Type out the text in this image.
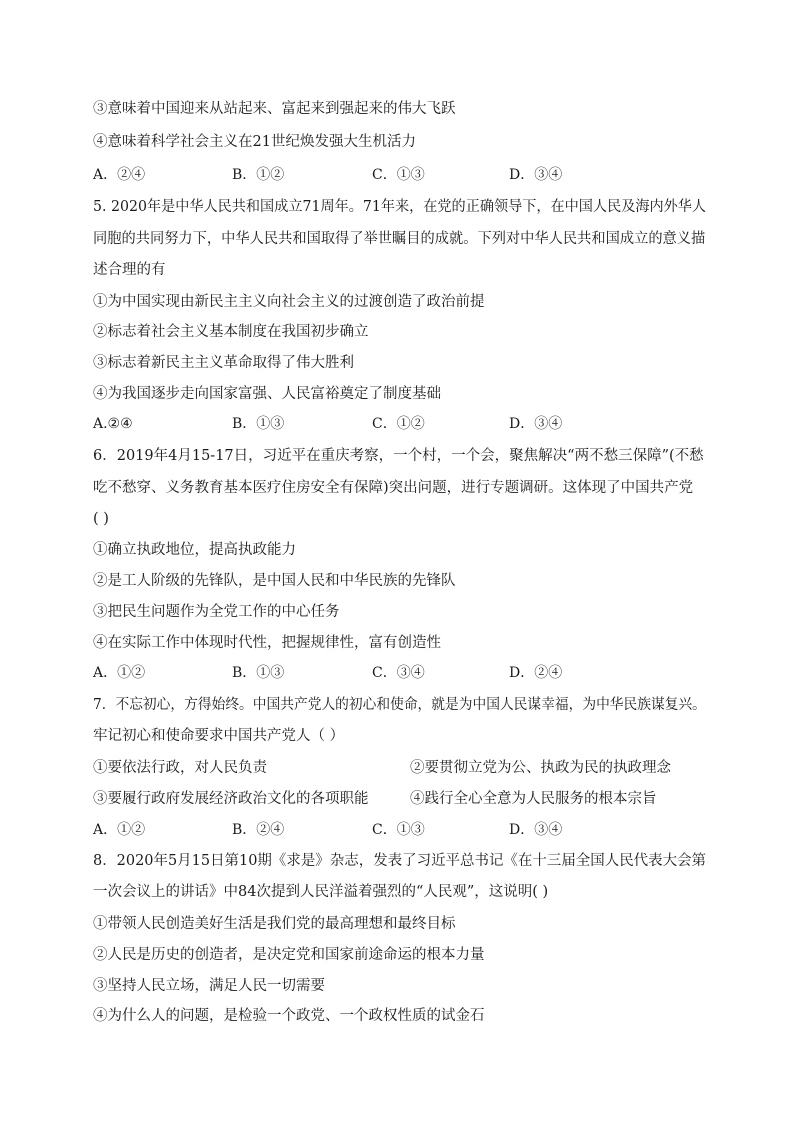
③意味着中国迎来从站起来、富起来到强起来的伟大飞跃
④意味着科学社会主义在21世纪焕发强大生机活力
A．②④	B．①②	C．①③	D．③④
5. 2020年是中华人民共和国成立71周年。71年来，在党的正确领导下，在中国人民及海内外华人
同胞的共同努力下，中华人民共和国取得了举世瞩目的成就。下列对中华人民共和国成立的意义描
述合理的有
①为中国实现由新民主主义向社会主义的过渡创造了政治前提
②标志着社会主义基本制度在我国初步确立
③标志着新民主主义革命取得了伟大胜利
④为我国逐步走向国家富强、人民富裕奠定了制度基础
A.②④	B．①③	C．①②	D．③④
6．2019年4月15-17日，习近平在重庆考察，一个村，一个会，聚焦解决“两不愁三保障”(不愁
吃不愁穿、义务教育基本医疗住房安全有保障)突出问题，进行专题调研。这体现了中国共产党
( )
①确立执政地位，提高执政能力
②是工人阶级的先锋队，是中国人民和中华民族的先锋队
③把民生问题作为全党工作的中心任务
④在实际工作中体现时代性，把握规律性，富有创造性
A．①②	B．①③	C．③④	D．②④
7．不忘初心，方得始终。中国共产党人的初心和使命，就是为中国人民谋幸福，为中华民族谋复兴。
牢记初心和使命要求中国共产党人（ ）
①要依法行政，对人民负责	②要贯彻立党为公、执政为民的执政理念
③要履行政府发展经济政治文化的各项职能	④践行全心全意为人民服务的根本宗旨
A．①②	B．②④	C．①③	D．③④
8．2020年5月15日第10期《求是》杂志，发表了习近平总书记《在十三届全国人民代表大会第
一次会议上的讲话》中84次提到人民洋溢着强烈的“人民观”，这说明( )
①带领人民创造美好生活是我们党的最高理想和最终目标
②人民是历史的创造者，是决定党和国家前途命运的根本力量
③坚持人民立场，满足人民一切需要
④为什么人的问题，是检验一个政党、一个政权性质的试金石
